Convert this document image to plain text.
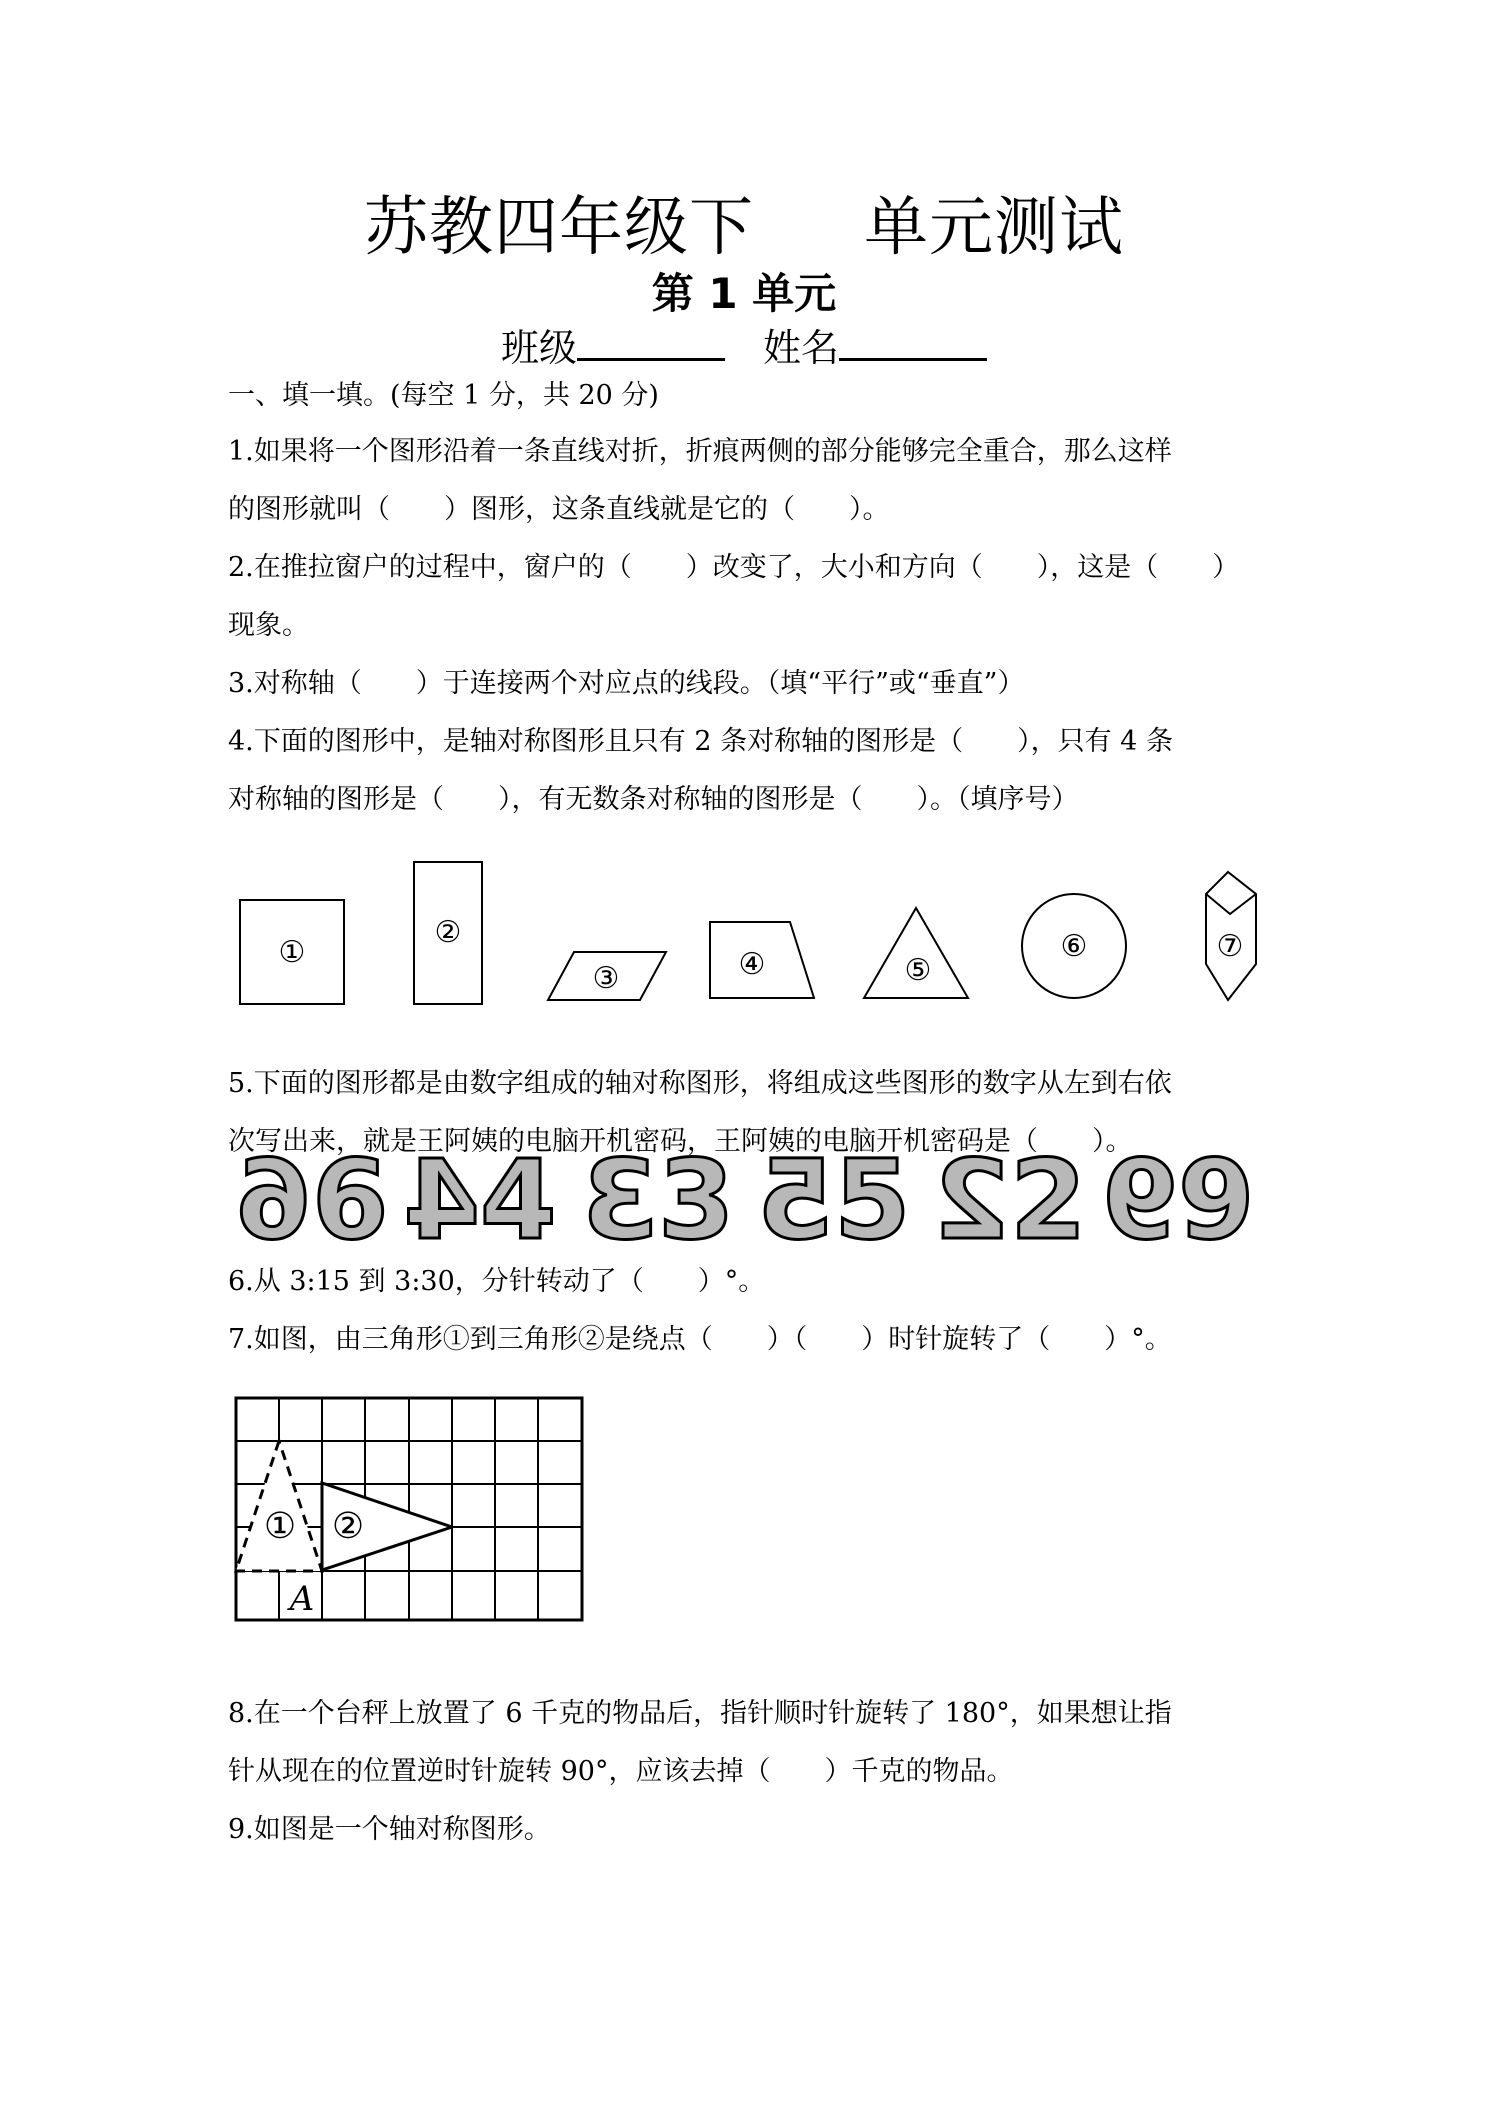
苏教四年级下 单元测试
第 1 单元
班级	姓名
一、填一填。(每空 1 分，共 20 分)
1.如果将一个图形沿着一条直线对折，折痕两侧的部分能够完全重合，那么这样
的图形就叫（　　）图形，这条直线就是它的（　　）。
2.在推拉窗户的过程中，窗户的（　　）改变了，大小和方向（　　），这是（　　）
现象。
3.对称轴（　　）于连接两个对应点的线段。（填“平行”或“垂直”）
4.下面的图形中，是轴对称图形且只有 2 条对称轴的图形是（　　），只有 4 条
对称轴的图形是（　　），有无数条对称轴的图形是（　　）。（填序号）
①
②
③	④	⑤
⑥	⑦
5.下面的图形都是由数字组成的轴对称图形，将组成这些图形的数字从左到右依
次写出来，就是王阿姨的电脑开机密码，王阿姨的电脑开机密码是（　　）。
6 6 4 4 3 3 5 5 2 2 9 9
6.从 3:15 到 3:30，分针转动了（　　）°。
7.如图，由三角形①到三角形②是绕点（　　）（　　）时针旋转了（　　）°。
① ②
A
8.在一个台秤上放置了 6 千克的物品后，指针顺时针旋转了 180°，如果想让指
针从现在的位置逆时针旋转 90°，应该去掉（　　）千克的物品。
9.如图是一个轴对称图形。
